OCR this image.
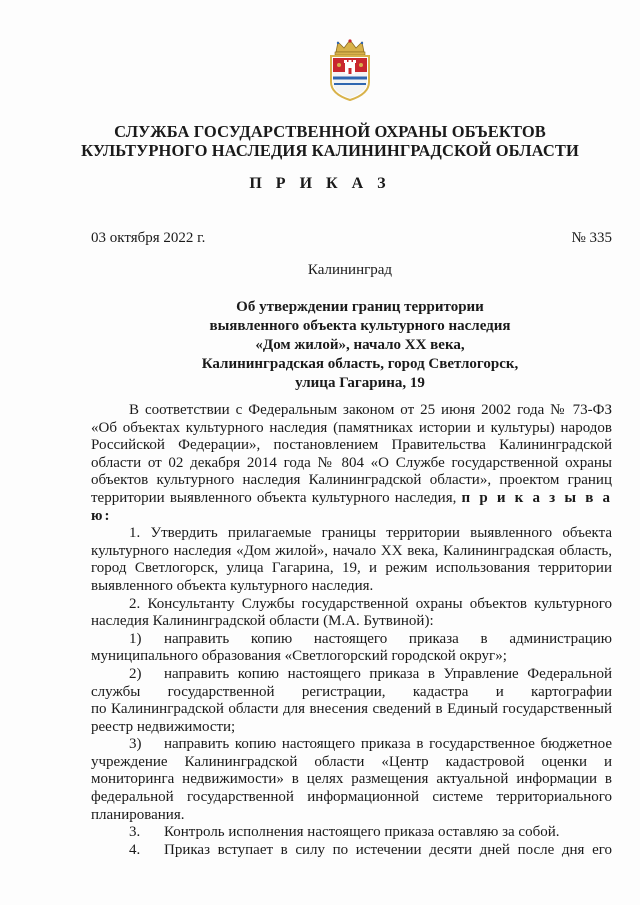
СЛУЖБА ГОСУДАРСТВЕННОЙ ОХРАНЫ ОБЪЕКТОВ
КУЛЬТУРНОГО НАСЛЕДИЯ КАЛИНИНГРАДСКОЙ ОБЛАСТИ
П Р И К А З
03 октября 2022 г.	№ 335
Калининград
Об утверждении границ территории
выявленного объекта культурного наследия
«Дом жилой», начало XX века,
Калининградская область, город Светлогорск,
улица Гагарина, 19

В соответствии с Федеральным законом от 25 июня 2002 года № 73-ФЗ «Об объектах культурного наследия (памятниках истории и культуры) народов Российской Федерации», постановлением Правительства Калининградской области от 02 декабря 2014 года № 804 «О Службе государственной охраны объектов культурного наследия Калининградской области», проектом границ территории выявленного объекта культурного наследия, п р и к а з ы в а ю:

1. Утвердить прилагаемые границы территории выявленного объекта культурного наследия «Дом жилой», начало XX века, Калининградская область, город Светлогорск, улица Гагарина, 19, и режим использования территории выявленного объекта культурного наследия.

2. Консультанту Службы государственной охраны объектов культурного наследия Калининградской области (М.А. Бутвиной):

1)	направить копию настоящего приказа в администрацию

муниципального образования «Светлогорский городской округ»;

2)	направить копию настоящего приказа в Управление Федеральной
службы государственной регистрации, кадастра и картографии

по Калининградской области для внесения сведений в Единый государственный реестр недвижимости;

3)	направить копию настоящего приказа в государственное бюджетное

учреждение Калининградской области «Центр кадастровой оценки и мониторинга недвижимости» в целях размещения актуальной информации в федеральной государственной информационной системе территориального планирования.

3.	Контроль исполнения настоящего приказа оставляю за собой.
4.	Приказ вступает в силу по истечении десяти дней после дня его
